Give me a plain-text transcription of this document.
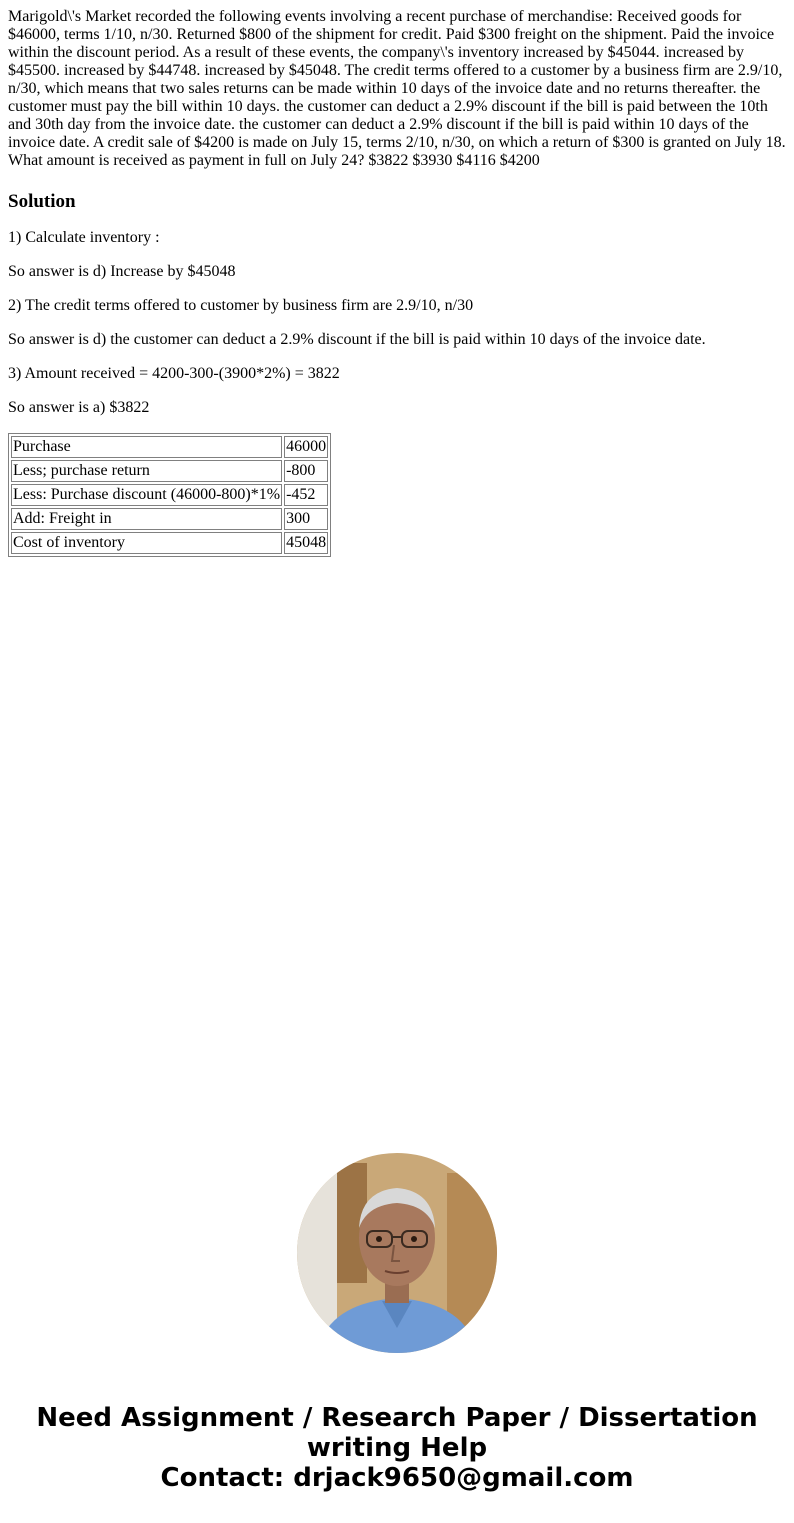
Marigold\'s Market recorded the following events involving a recent purchase of merchandise: Received goods for $46000, terms 1/10, n/30. Returned $800 of the shipment for credit. Paid $300 freight on the shipment. Paid the invoice within the discount period. As a result of these events, the company\'s inventory increased by $45044. increased by $45500. increased by $44748. increased by $45048. The credit terms offered to a customer by a business firm are 2.9/10, n/30, which means that two sales returns can be made within 10 days of the invoice date and no returns thereafter. the customer must pay the bill within 10 days. the customer can deduct a 2.9% discount if the bill is paid between the 10th and 30th day from the invoice date. the customer can deduct a 2.9% discount if the bill is paid within 10 days of the invoice date. A credit sale of $4200 is made on July 15, terms 2/10, n/30, on which a return of $300 is granted on July 18. What amount is received as payment in full on July 24? $3822 $3930 $4116 $4200

Solution

1) Calculate inventory :

So answer is d) Increase by $45048

2) The credit terms offered to customer by business firm are 2.9/10, n/30

So answer is d) the customer can deduct a 2.9% discount if the bill is paid within 10 days of the invoice date.

3) Amount received = 4200-300-(3900*2%) = 3822

So answer is a) $3822

Purchase	46000
Less; purchase return	-800
Less: Purchase discount (46000-800)*1%	-452
Add: Freight in	300
Cost of inventory	45048
Need Assignment / Research Paper / Dissertation
writing Help
Contact: drjack9650@gmail.com
